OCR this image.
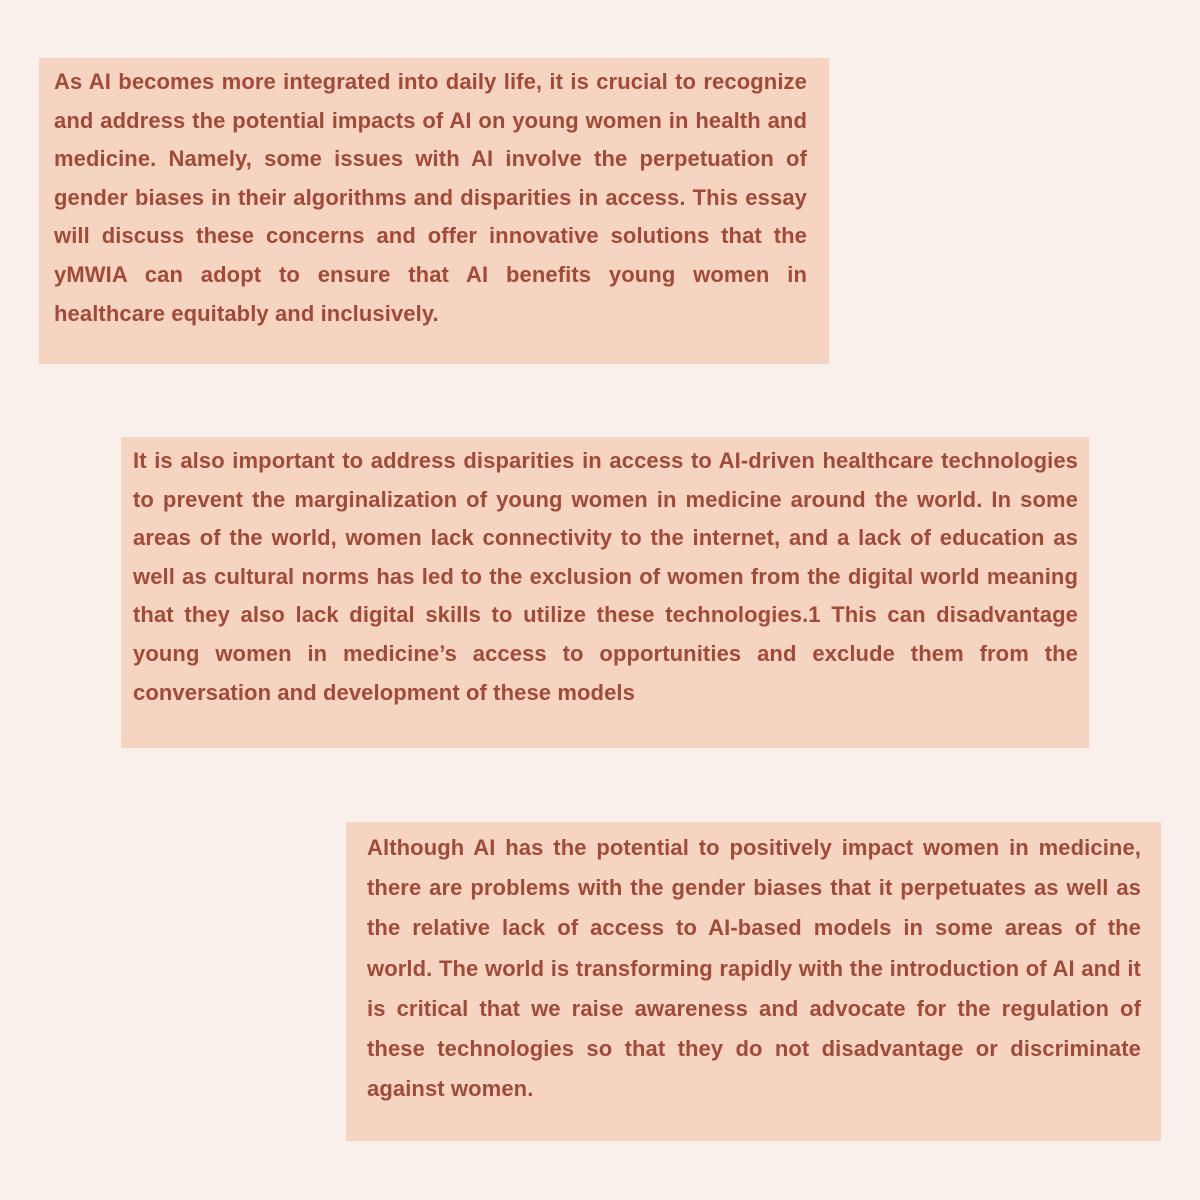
As AI becomes more integrated into daily life, it is crucial to recognize and address the potential impacts of AI on young women in health and medicine. Namely, some issues with AI involve the perpetuation of gender biases in their algorithms and disparities in access. This essay will discuss these concerns and offer innovative solutions that the yMWIA can adopt to ensure that AI benefits young women in healthcare equitably and inclusively.
It is also important to address disparities in access to AI-driven healthcare technologies to prevent the marginalization of young women in medicine around the world. In some areas of the world, women lack connectivity to the internet, and a lack of education as well as cultural norms has led to the exclusion of women from the digital world meaning that they also lack digital skills to utilize these technologies.1 This can disadvantage young women in medicine’s access to opportunities and exclude them from the conversation and development of these models
Although AI has the potential to positively impact women in medicine, there are problems with the gender biases that it perpetuates as well as the relative lack of access to AI-based models in some areas of the world. The world is transforming rapidly with the introduction of AI and it is critical that we raise awareness and advocate for the regulation of these technologies so that they do not disadvantage or discriminate against women.
